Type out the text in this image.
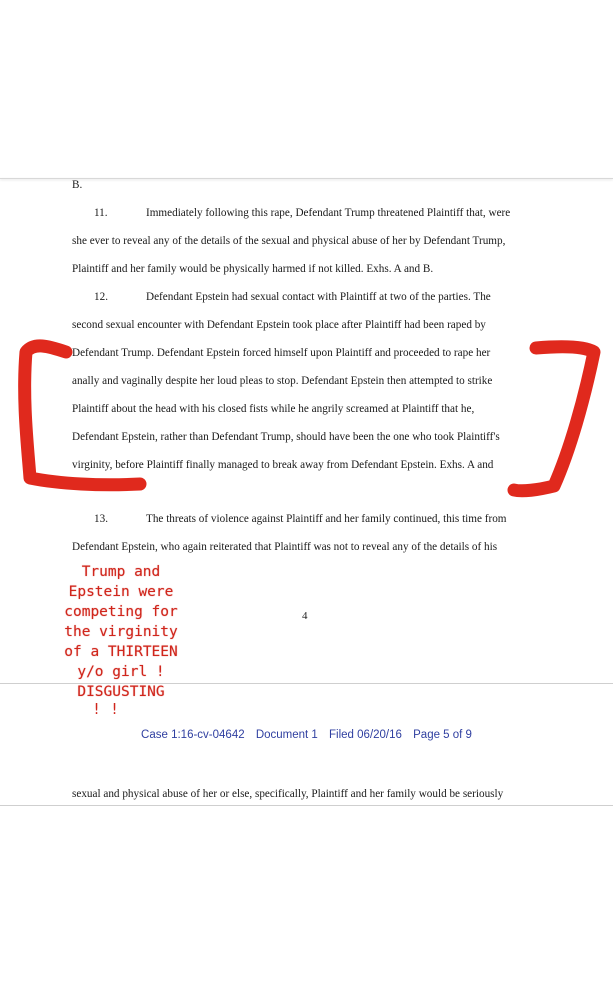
B.

11.	Immediately following this rape, Defendant Trump threatened Plaintiff that, were

she ever to reveal any of the details of the sexual and physical abuse of her by Defendant Trump,

Plaintiff and her family would be physically harmed if not killed. Exhs. A and B.

12.	Defendant Epstein had sexual contact with Plaintiff at two of the parties. The

second sexual encounter with Defendant Epstein took place after Plaintiff had been raped by

Defendant Trump. Defendant Epstein forced himself upon Plaintiff and proceeded to rape her

anally and vaginally despite her loud pleas to stop. Defendant Epstein then attempted to strike

Plaintiff about the head with his closed fists while he angrily screamed at Plaintiff that he,

Defendant Epstein, rather than Defendant Trump, should have been the one who took Plaintiff's

virginity, before Plaintiff finally managed to break away from Defendant Epstein. Exhs. A and

13.	The threats of violence against Plaintiff and her family continued, this time from

Defendant Epstein, who again reiterated that Plaintiff was not to reveal any of the details of his

4
Case 1:16-cv-04642 Document 1 Filed 06/20/16 Page 5 of 9

sexual and physical abuse of her or else, specifically, Plaintiff and her family would be seriously

Trump and
Epstein were
competing for
the virginity
of a THIRTEEN
y/o girl !
DISGUSTING

! !
